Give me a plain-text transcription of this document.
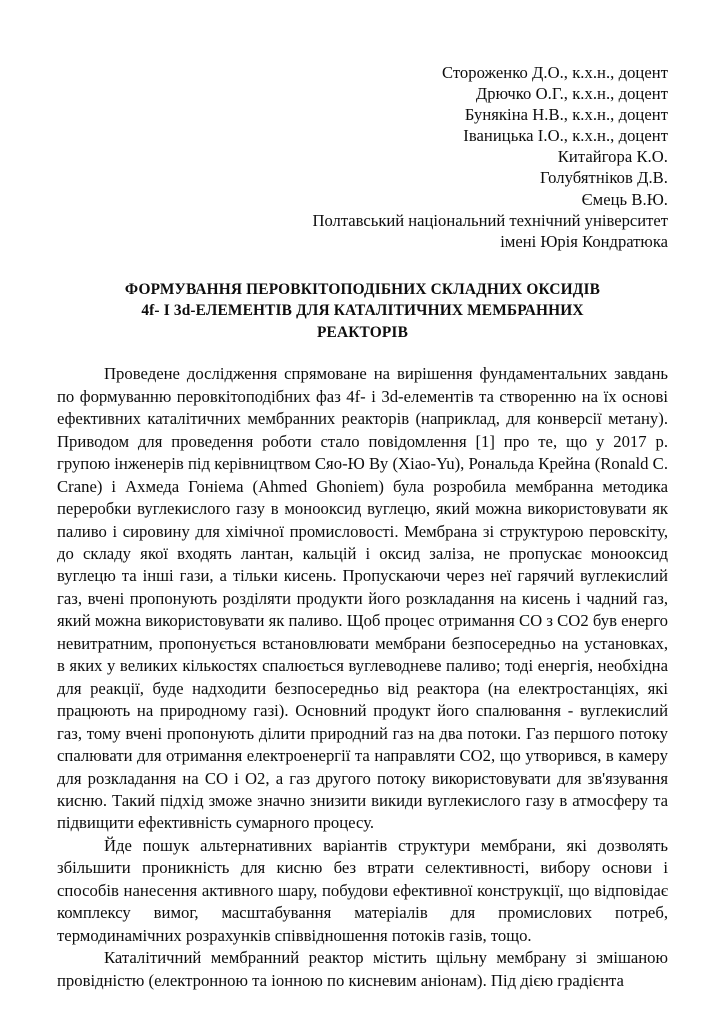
Стороженко Д.О., к.х.н., доцент
Дрючко О.Г., к.х.н., доцент
Бунякіна Н.В., к.х.н., доцент
Іваницька І.О., к.х.н., доцент
Китайгора К.О.
Голубятніков Д.В.
Ємець В.Ю.
Полтавський національний технічний університет
імені Юрія Кондратюка
ФОРМУВАННЯ ПЕРОВКІТОПОДІБНИХ СКЛАДНИХ ОКСИДІВ
4f- I 3d-ЕЛЕМЕНТІВ ДЛЯ КАТАЛІТИЧНИХ МЕМБРАННИХ
РЕАКТОРІВ

Проведене дослідження спрямоване на вирішення фундаментальних завдань по формуванню перовкітоподібних фаз 4f- і 3d-елементів та створенню на їх основі ефективних каталітичних мембранних реакторів (наприклад, для конверсії метану). Приводом для проведення роботи стало повідомлення [1] про те, що у 2017 р. групою інженерів під керівництвом Сяо-Ю Ву (Xiao-Yu), Рональда Крейна (Ronald C. Crane) і Ахмеда Гоніема (Ahmed Ghoniem) була розробила мембранна методика переробки вуглекислого газу в монооксид вуглецю, який можна використовувати як паливо і сировину для хімічної промисловості. Мембрана зі структурою перовскіту, до складу якої входять лантан, кальцій і оксид заліза, не пропускає монооксид вуглецю та інші гази, а тільки кисень. Пропускаючи через неї гарячий вуглекислий газ, вчені пропонують розділяти продукти його розкладання на кисень і чадний газ, який можна використовувати як паливо. Щоб процес отримання СО з СО2 був енерго невитратним, пропонується встановлювати мембрани безпосередньо на установках, в яких у великих кількостях спалюється вуглеводневе паливо; тоді енергія, необхідна для реакції, буде надходити безпосередньо від реактора (на електростанціях, які працюють на природному газі). Основний продукт його спалювання - вуглекислий газ, тому вчені пропонують ділити природний газ на два потоки. Газ першого потоку спалювати для отримання електроенергії та направляти СО2, що утворився, в камеру для розкладання на СО і О2, а газ другого потоку використовувати для зв'язування кисню. Такий підхід зможе значно знизити викиди вуглекислого газу в атмосферу та підвищити ефективність сумарного процесу.

Йде пошук альтернативних варіантів структури мембрани, які дозволять збільшити проникність для кисню без втрати селективності, вибору основи і способів нанесення активного шару, побудови ефективної конструкції, що відповідає комплексу вимог, масштабування матеріалів для промислових потреб, термодинамічних розрахунків співвідношення потоків газів, тощо.

Каталітичний мембранний реактор містить щільну мембрану зі змішаною провідністю (електронною та іонною по кисневим аніонам). Під дією градієнта
